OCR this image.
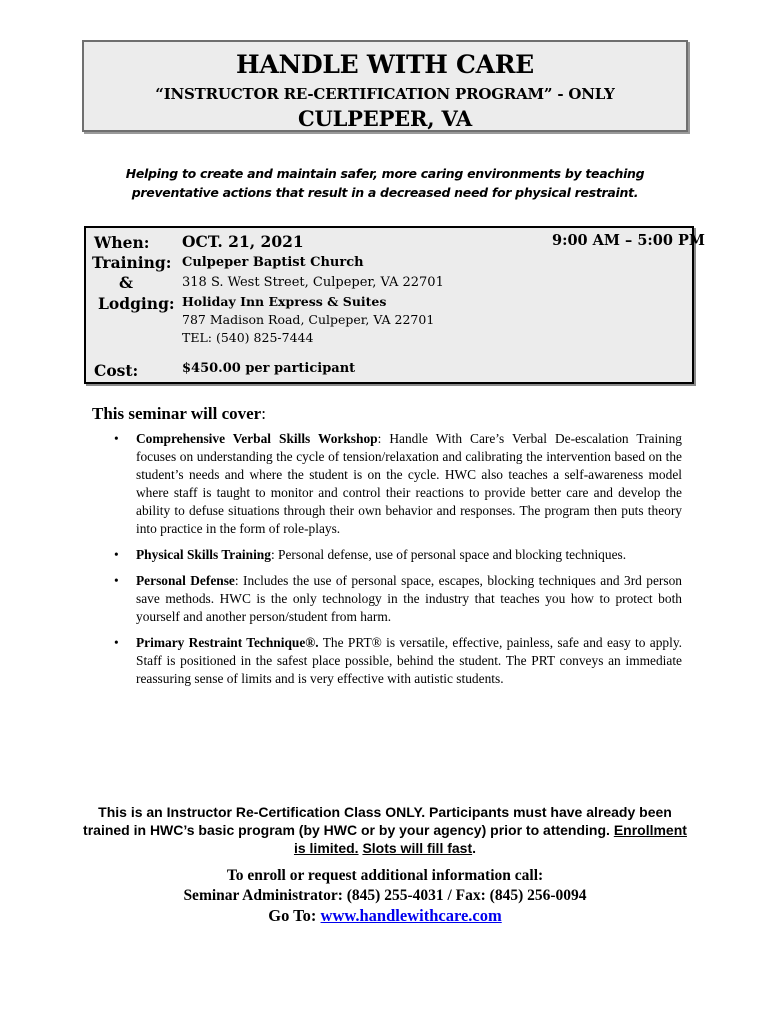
HANDLE WITH CARE
“INSTRUCTOR RE-CERTIFICATION PROGRAM” - ONLY
CULPEPER, VA
Helping to create and maintain safer, more caring environments by teaching
preventative actions that result in a decreased need for physical restraint.
When:
Training:
&
Lodging:
Cost:
OCT. 21, 2021	9:00 AM – 5:00 PM
Culpeper Baptist Church
318 S. West Street, Culpeper, VA 22701
Holiday Inn Express & Suites
787 Madison Road, Culpeper, VA 22701
TEL: (540) 825-7444
$450.00 per participant
This seminar will cover:
• Comprehensive Verbal Skills Workshop: Handle With Care’s Verbal De-escalation Training focuses on understanding the cycle of tension/relaxation and calibrating the intervention based on the student’s needs and where the student is on the cycle. HWC also teaches a self-awareness model where staff is taught to monitor and control their reactions to provide better care and develop the ability to defuse situations through their own behavior and responses. The program then puts theory into practice in the form of role-plays.
• Physical Skills Training: Personal defense, use of personal space and blocking techniques.
• Personal Defense: Includes the use of personal space, escapes, blocking techniques and 3rd person save methods. HWC is the only technology in the industry that teaches you how to protect both yourself and another person/student from harm.
• Primary Restraint Technique®. The PRT® is versatile, effective, painless, safe and easy to apply. Staff is positioned in the safest place possible, behind the student. The PRT conveys an immediate reassuring sense of limits and is very effective with autistic students.
This is an Instructor Re-Certification Class ONLY. Participants must have already been trained in HWC’s basic program (by HWC or by your agency) prior to attending. Enrollment is limited. Slots will fill fast.
To enroll or request additional information call:
Seminar Administrator: (845) 255-4031 / Fax: (845) 256-0094
Go To: www.handlewithcare.com
